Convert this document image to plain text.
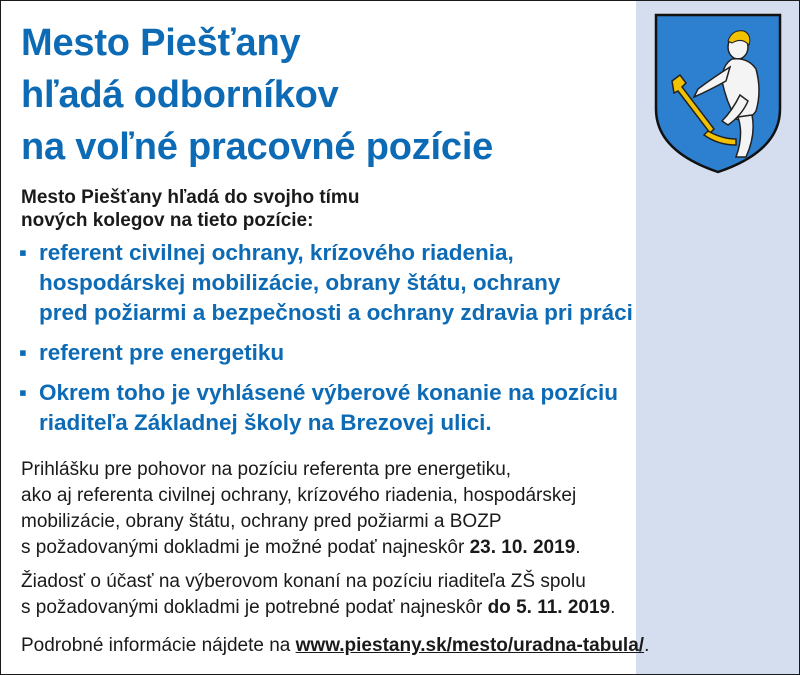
Mesto Piešťany
hľadá odborníkov
na voľné pracovné pozície
Mesto Piešťany hľadá do svojho tímu
nových kolegov na tieto pozície:
▪ referent civilnej ochrany, krízového riadenia,
hospodárskej mobilizácie, obrany štátu, ochrany
pred požiarmi a bezpečnosti a ochrany zdravia pri práci
▪ referent pre energetiku
▪ Okrem toho je vyhlásené výberové konanie na pozíciu
riaditeľa Základnej školy na Brezovej ulici.
Prihlášku pre pohovor na pozíciu referenta pre energetiku,
ako aj referenta civilnej ochrany, krízového riadenia, hospodárskej
mobilizácie, obrany štátu, ochrany pred požiarmi a BOZP
s požadovanými dokladmi je možné podať najneskôr 23. 10. 2019.
Žiadosť o účasť na výberovom konaní na pozíciu riaditeľa ZŠ spolu
s požadovanými dokladmi je potrebné podať najneskôr do 5. 11. 2019.
Podrobné informácie nájdete na www.piestany.sk/mesto/uradna-tabula/.
